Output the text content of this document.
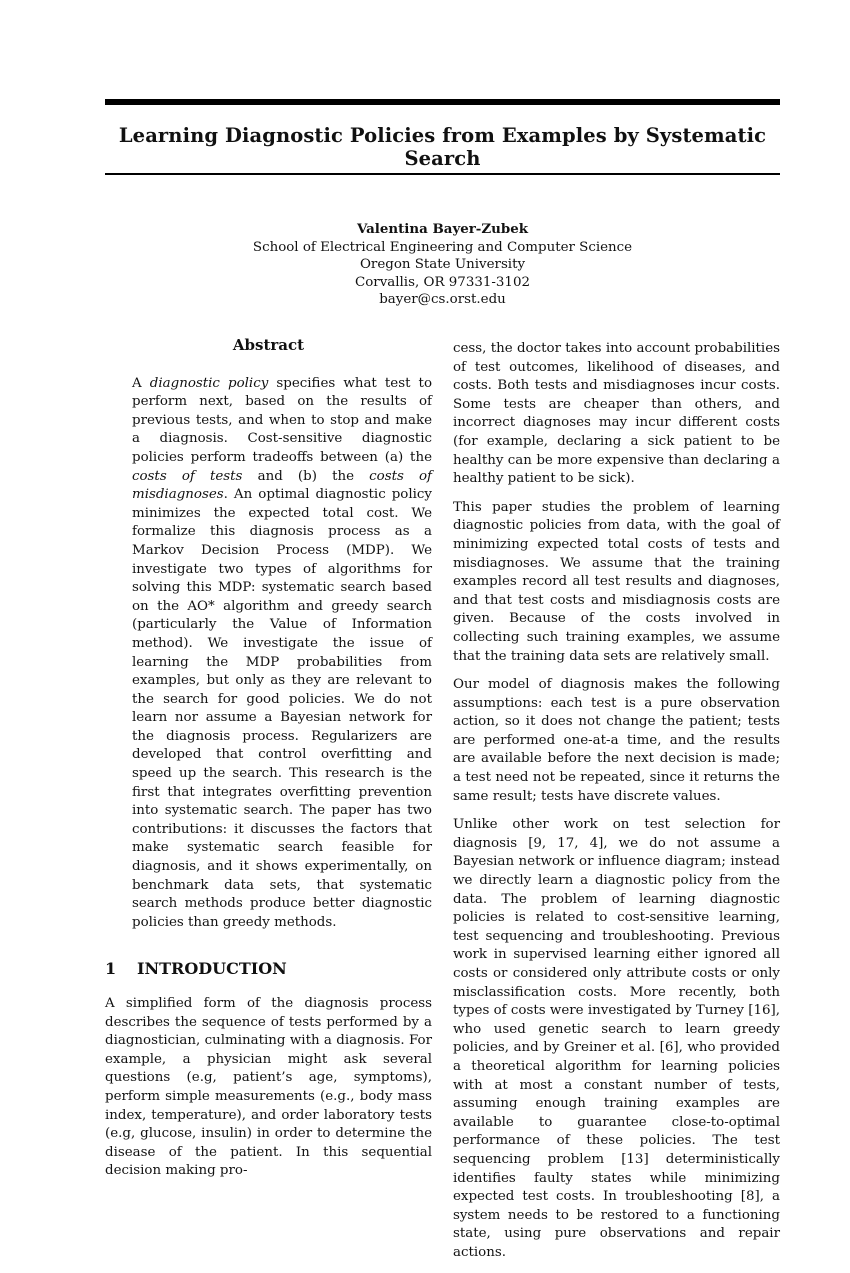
Learning Diagnostic Policies from Examples by Systematic Search
Valentina Bayer-Zubek
School of Electrical Engineering and Computer Science
Oregon State University
Corvallis, OR 97331-3102
bayer@cs.orst.edu
Abstract
A diagnostic policy specifies what test to perform next, based on the results of previous tests, and when to stop and make a diagnosis. Cost-sensitive diagnostic policies perform tradeoffs between (a) the costs of tests and (b) the costs of misdiagnoses. An optimal diagnostic policy minimizes the expected total cost. We formalize this diagnosis process as a Markov Decision Process (MDP). We investigate two types of algorithms for solving this MDP: systematic search based on the AO* algorithm and greedy search (particularly the Value of Information method). We investigate the issue of learning the MDP probabilities from examples, but only as they are relevant to the search for good policies. We do not learn nor assume a Bayesian network for the diagnosis process. Regularizers are developed that control overfitting and speed up the search. This research is the first that integrates overfitting prevention into systematic search. The paper has two contributions: it discusses the factors that make systematic search feasible for diagnosis, and it shows experimentally, on benchmark data sets, that systematic search methods produce better diagnostic policies than greedy methods.
1 INTRODUCTION

A simplified form of the diagnosis process describes the sequence of tests performed by a diagnostician, culminating with a diagnosis. For example, a physician might ask several questions (e.g, patient’s age, symptoms), perform simple measurements (e.g., body mass index, temperature), and order laboratory tests (e.g, glucose, insulin) in order to determine the disease of the patient. In this sequential decision making pro-

cess, the doctor takes into account probabilities of test outcomes, likelihood of diseases, and costs. Both tests and misdiagnoses incur costs. Some tests are cheaper than others, and incorrect diagnoses may incur different costs (for example, declaring a sick patient to be healthy can be more expensive than declaring a healthy patient to be sick).

This paper studies the problem of learning diagnostic policies from data, with the goal of minimizing expected total costs of tests and misdiagnoses. We assume that the training examples record all test results and diagnoses, and that test costs and misdiagnosis costs are given. Because of the costs involved in collecting such training examples, we assume that the training data sets are relatively small.

Our model of diagnosis makes the following assumptions: each test is a pure observation action, so it does not change the patient; tests are performed one-at-a time, and the results are available before the next decision is made; a test need not be repeated, since it returns the same result; tests have discrete values.

Unlike other work on test selection for diagnosis [9, 17, 4], we do not assume a Bayesian network or influence diagram; instead we directly learn a diagnostic policy from the data. The problem of learning diagnostic policies is related to cost-sensitive learning, test sequencing and troubleshooting. Previous work in supervised learning either ignored all costs or considered only attribute costs or only misclassification costs. More recently, both types of costs were investigated by Turney [16], who used genetic search to learn greedy policies, and by Greiner et al. [6], who provided a theoretical algorithm for learning policies with at most a constant number of tests, assuming enough training examples are available to guarantee close-to-optimal performance of these policies. The test sequencing problem [13] deterministically identifies faulty states while minimizing expected test costs. In troubleshooting [8], a system needs to be restored to a functioning state, using pure observations and repair actions.
